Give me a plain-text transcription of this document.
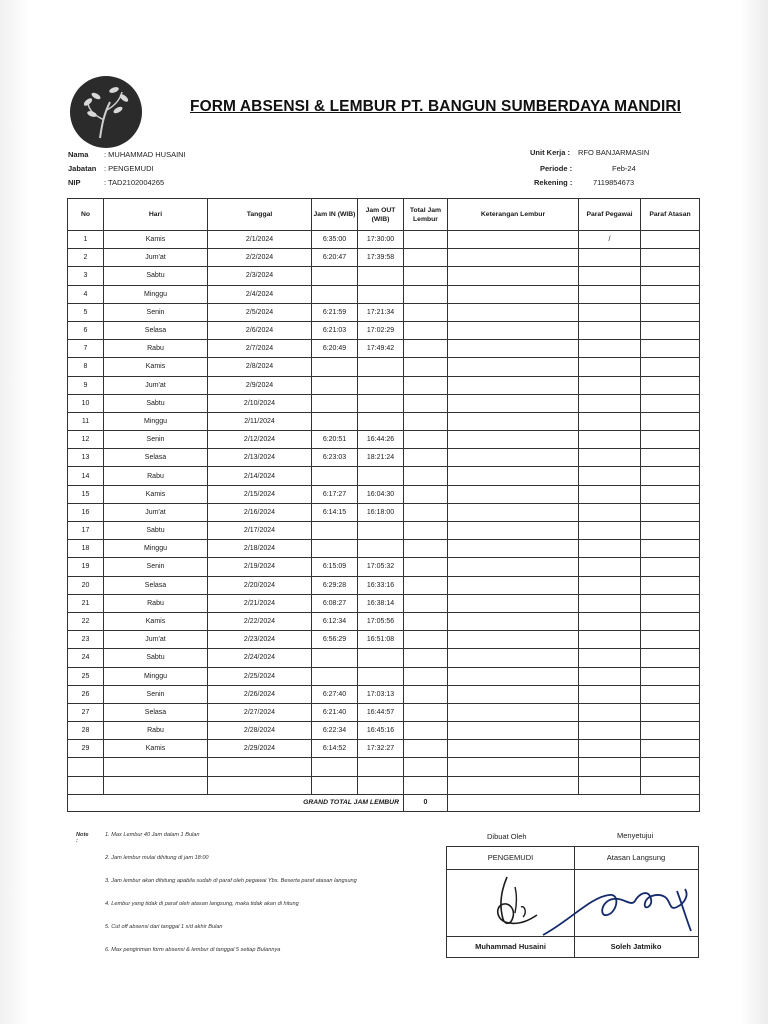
FORM ABSENSI & LEMBUR PT. BANGUN SUMBERDAYA MANDIRI
Nama : MUHAMMAD HUSAINI
Jabatan : PENGEMUDI
NIP	: TAD2102004265
Unit Kerja : RFO BANJARMASIN
Periode :	Feb-24
Rekening :	7119854673
No	Hari	Tanggal	Jam IN (WIB)	Jam OUT (WIB)	Total Jam Lembur	Keterangan Lembur	Paraf Pegawai	Paraf Atasan
1	Kamis	2/1/2024	6:35:00	17:30:00			/	
2	Jum'at	2/2/2024	6:20:47	17:39:58				
3	Sabtu	2/3/2024						
4	Minggu	2/4/2024						
5	Senin	2/5/2024	6:21:59	17:21:34				
6	Selasa	2/6/2024	6:21:03	17:02:29				
7	Rabu	2/7/2024	6:20:49	17:49:42				
8	Kamis	2/8/2024						
9	Jum'at	2/9/2024						
10	Sabtu	2/10/2024						
11	Minggu	2/11/2024						
12	Senin	2/12/2024	6:20:51	16:44:26				
13	Selasa	2/13/2024	6:23:03	18:21:24				
14	Rabu	2/14/2024						
15	Kamis	2/15/2024	6:17:27	16:04:30				
16	Jum'at	2/16/2024	6:14:15	16:18:00				
17	Sabtu	2/17/2024						
18	Minggu	2/18/2024						
19	Senin	2/19/2024	6:15:09	17:05:32				
20	Selasa	2/20/2024	6:29:28	16:33:16				
21	Rabu	2/21/2024	6:08:27	16:38:14				
22	Kamis	2/22/2024	6:12:34	17:05:56				
23	Jum'at	2/23/2024	6:56:29	16:51:08				
24	Sabtu	2/24/2024						
25	Minggu	2/25/2024						
26	Senin	2/26/2024	6:27:40	17:03:13				
27	Selasa	2/27/2024	6:21:40	16:44:57				
28	Rabu	2/28/2024	6:22:34	16:45:16				
29	Kamis	2/29/2024	6:14:52	17:32:27				

GRAND TOTAL JAM LEMBUR					0			
Note :
1. Max Lembur 40 Jam dalam 1 Bulan
2. Jam lembur mulai dihitung di jam 18:00
3. Jam lembur akan dihitung apabila sudah di paraf oleh pegawai Ybs. Beserta paraf atasan langsung
4. Lembur yang tidak di paraf oleh atasan langsung, maka tidak akan di hitung
5. Cut off absensi dari tanggal 1 s/d akhir Bulan
6. Max pengiriman form absensi & lembur di tanggal 5 setiap Bulannya
Dibuat Oleh	Menyetujui
PENGEMUDI
Muhammad Husaini
Atasan Langsung
Soleh Jatmiko
